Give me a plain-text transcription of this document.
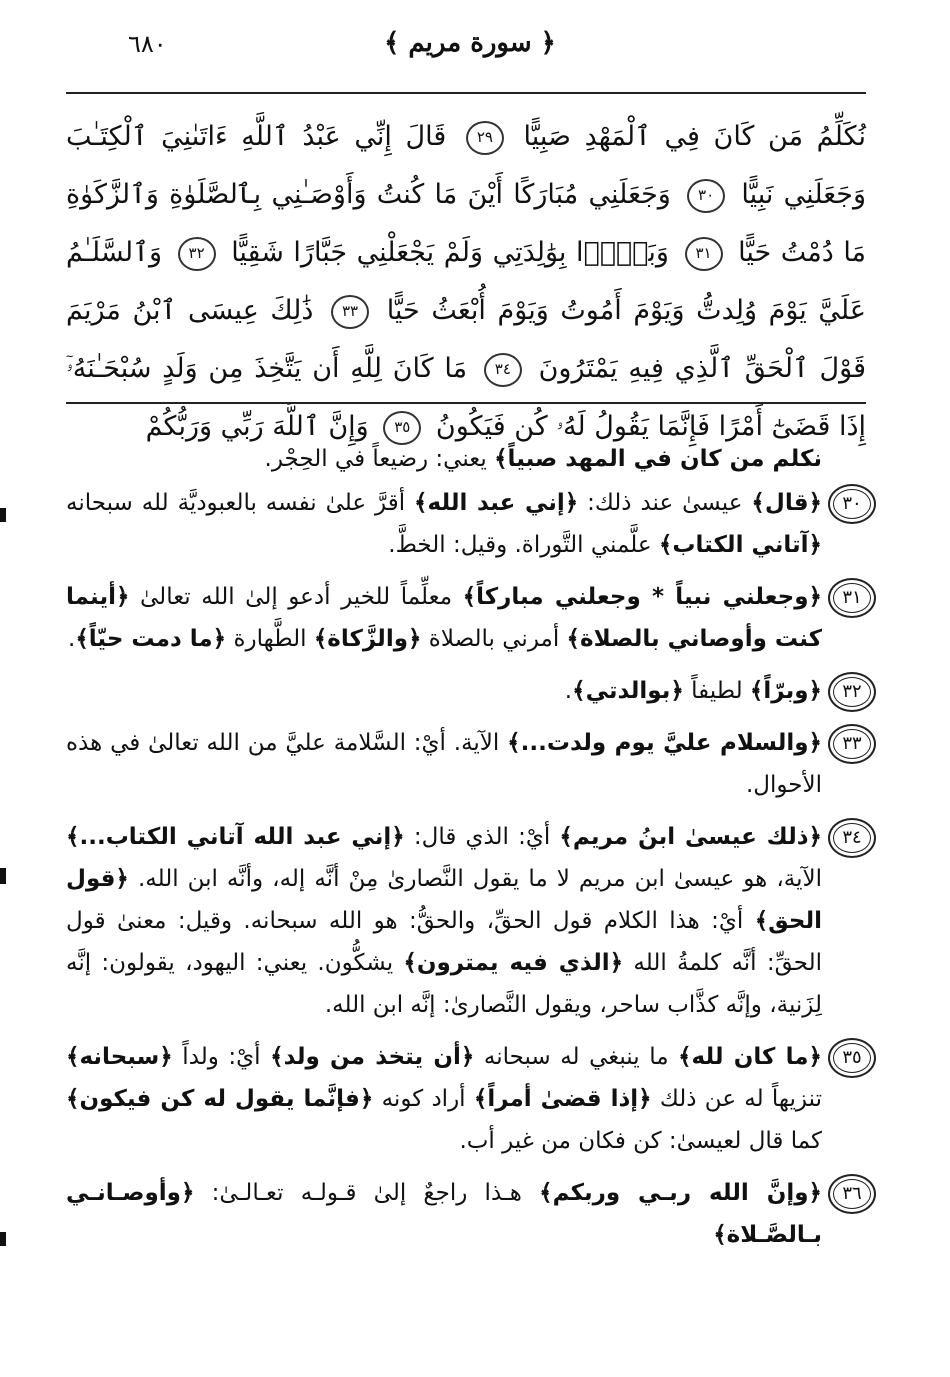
٦٨٠	﴿ سورة مريم ﴾
نُكَلِّمُ مَن كَانَ فِي ٱلْمَهْدِ صَبِيًّا ٢٩ قَالَ إِنِّي عَبْدُ ٱللَّهِ ءَاتَىٰنِيَ ٱلْكِتَـٰبَ وَجَعَلَنِي نَبِيًّا ٣٠ وَجَعَلَنِي مُبَارَكًا أَيْنَ مَا كُنتُ وَأَوْصَـٰنِي بِٱلصَّلَوٰةِ وَٱلزَّكَوٰةِ مَا دُمْتُ حَيًّا ٣١ وَبَرًّۢا بِوَٰلِدَتِي وَلَمْ يَجْعَلْنِي جَبَّارًا شَقِيًّا ٣٢ وَٱلسَّلَـٰمُ عَلَيَّ يَوْمَ وُلِدتُّ وَيَوْمَ أَمُوتُ وَيَوْمَ أُبْعَثُ حَيًّا ٣٣ ذَٰلِكَ عِيسَى ٱبْنُ مَرْيَمَ قَوْلَ ٱلْحَقِّ ٱلَّذِي فِيهِ يَمْتَرُونَ ٣٤ مَا كَانَ لِلَّهِ أَن يَتَّخِذَ مِن وَلَدٍ سُبْحَـٰنَهُۥٓ إِذَا قَضَىٰٓ أَمْرًا فَإِنَّمَا يَقُولُ لَهُۥ كُن فَيَكُونُ ٣٥ وَإِنَّ ٱللَّهَ رَبِّي وَرَبُّكُمْ
نكلم من كان في المهد صبياً﴾ يعني: رضيعاً في الحِجْر.
٣٠
﴿قال﴾ عيسىٰ عند ذلك: ﴿إني عبد الله﴾ أقرَّ علىٰ نفسه بالعبوديَّة لله سبحانه ﴿آتاني الكتاب﴾ علَّمني التَّوراة. وقيل: الخطَّ.
٣١
﴿وجعلني نبياً * وجعلني مباركاً﴾ معلِّماً للخير أدعو إلىٰ الله تعالىٰ ﴿أينما كنت وأوصاني بالصلاة﴾ أمرني بالصلاة ﴿والزَّكاة﴾ الطَّهارة ﴿ما دمت حيّاً﴾.
٣٢
﴿وبرّاً﴾ لطيفاً ﴿بوالدتي﴾.
٣٣
﴿والسلام عليَّ يوم ولدت...﴾ الآية. أيْ: السَّلامة عليَّ من الله تعالىٰ في هذه الأحوال.
٣٤
﴿ذلك عيسىٰ ابنُ مريم﴾ أيْ: الذي قال: ﴿إني عبد الله آتاني الكتاب...﴾ الآية، هو عيسىٰ ابن مريم لا ما يقول النَّصارىٰ مِنْ أنَّه إله، وأنَّه ابن الله. ﴿قول الحق﴾ أيْ: هذا الكلام قول الحقِّ، والحقُّ: هو الله سبحانه. وقيل: معنىٰ قول الحقِّ: أنَّه كلمةُ الله ﴿الذي فيه يمترون﴾ يشكُّون. يعني: اليهود، يقولون: إنَّه لِزَنية، وإنَّه كذَّاب ساحر، ويقول النَّصارىٰ: إنَّه ابن الله.
٣٥
﴿ما كان لله﴾ ما ينبغي له سبحانه ﴿أن يتخذ من ولد﴾ أيْ: ولداً ﴿سبحانه﴾ تنزيهاً له عن ذلك ﴿إذا قضىٰ أمراً﴾ أراد كونه ﴿فإنَّما يقول له كن فيكون﴾ كما قال لعيسىٰ: كن فكان من غير أب.
٣٦
﴿وإنَّ الله ربـي وربكم﴾ هـذا راجعٌ إلىٰ قـولـه تعـالـىٰ: ﴿وأوصـانـي بـالصَّـلاة﴾
